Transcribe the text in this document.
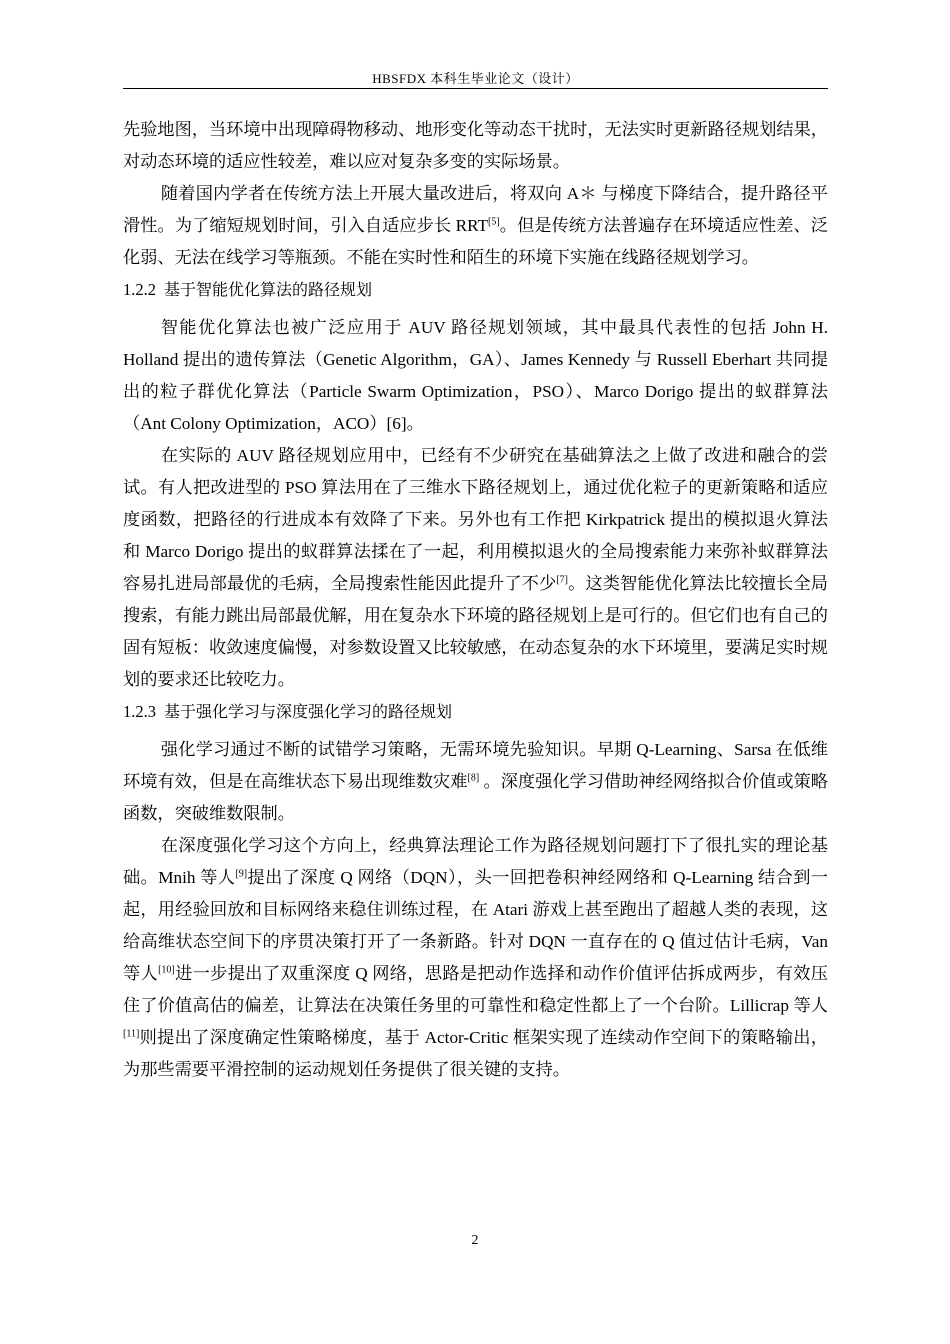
HBSFDX 本科生毕业论文（设计）

先验地图，当环境中出现障碍物移动、地形变化等动态干扰时，无法实时更新路径规划结果，对动态环境的适应性较差，难以应对复杂多变的实际场景。

随着国内学者在传统方法上开展大量改进后，将双向 A＊ 与梯度下降结合，提升路径平滑性。为了缩短规划时间，引入自适应步长 RRT[5]。但是传统方法普遍存在环境适应性差、泛化弱、无法在线学习等瓶颈。不能在实时性和陌生的环境下实施在线路径规划学习。

1.2.2 基于智能优化算法的路径规划

智能优化算法也被广泛应用于 AUV 路径规划领域，其中最具代表性的包括 John H. Holland 提出的遗传算法（Genetic Algorithm，GA）、James Kennedy 与 Russell Eberhart 共同提出的粒子群优化算法（Particle Swarm Optimization，PSO）、Marco Dorigo 提出的蚁群算法（Ant Colony Optimization，ACO）[6]。

在实际的 AUV 路径规划应用中，已经有不少研究在基础算法之上做了改进和融合的尝试。有人把改进型的 PSO 算法用在了三维水下路径规划上，通过优化粒子的更新策略和适应度函数，把路径的行进成本有效降了下来。另外也有工作把 Kirkpatrick 提出的模拟退火算法和 Marco Dorigo 提出的蚁群算法揉在了一起，利用模拟退火的全局搜索能力来弥补蚁群算法容易扎进局部最优的毛病，全局搜索性能因此提升了不少[7]。这类智能优化算法比较擅长全局搜索，有能力跳出局部最优解，用在复杂水下环境的路径规划上是可行的。但它们也有自己的固有短板：收敛速度偏慢，对参数设置又比较敏感，在动态复杂的水下环境里，要满足实时规划的要求还比较吃力。

1.2.3 基于强化学习与深度强化学习的路径规划

强化学习通过不断的试错学习策略，无需环境先验知识。早期 Q-Learning、Sarsa 在低维环境有效，但是在高维状态下易出现维数灾难[8] 。深度强化学习借助神经网络拟合价值或策略函数，突破维数限制。

在深度强化学习这个方向上，经典算法理论工作为路径规划问题打下了很扎实的理论基础。Mnih 等人[9]提出了深度 Q 网络（DQN），头一回把卷积神经网络和 Q-Learning 结合到一起，用经验回放和目标网络来稳住训练过程，在 Atari 游戏上甚至跑出了超越人类的表现，这给高维状态空间下的序贯决策打开了一条新路。针对 DQN 一直存在的 Q 值过估计毛病，Van 等人[10]进一步提出了双重深度 Q 网络，思路是把动作选择和动作价值评估拆成两步，有效压住了价值高估的偏差，让算法在决策任务里的可靠性和稳定性都上了一个台阶。Lillicrap 等人[11]则提出了深度确定性策略梯度，基于 Actor-Critic 框架实现了连续动作空间下的策略输出，为那些需要平滑控制的运动规划任务提供了很关键的支持。

2
